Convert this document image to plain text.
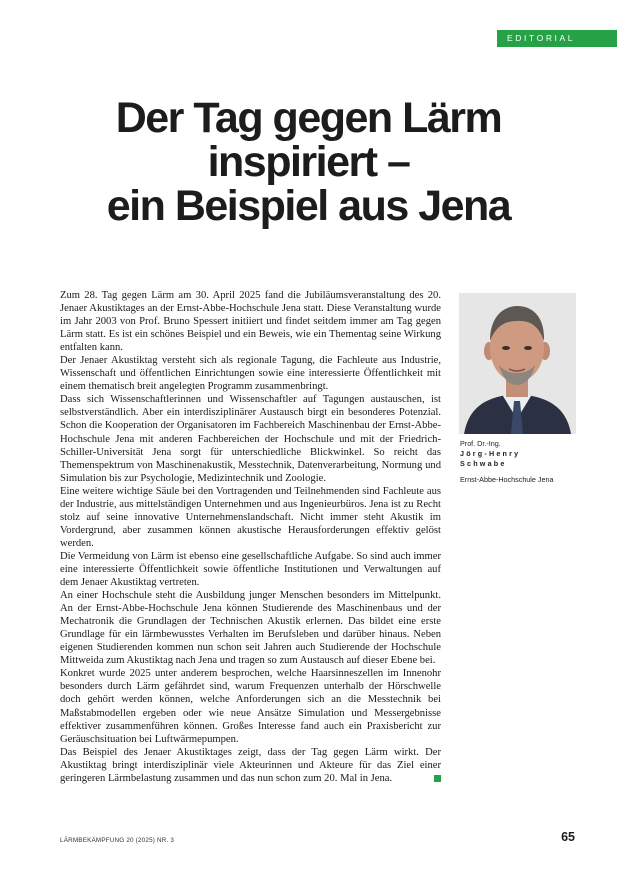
EDITORIAL
Der Tag gegen Lärm
inspiriert –
ein Beispiel aus Jena

Zum 28. Tag gegen Lärm am 30. April 2025 fand die Jubiläumsveranstaltung des 20. Jenaer Akustiktages an der Ernst-Abbe-Hochschule Jena statt. Diese Veranstaltung wurde im Jahr 2003 von Prof. Bruno Spessert initiiert und findet seitdem immer am Tag gegen Lärm statt. Es ist ein schönes Beispiel und ein Beweis, wie ein Thementag seine Wirkung entfalten kann.

Der Jenaer Akustiktag versteht sich als regionale Tagung, die Fachleute aus Industrie, Wissenschaft und öffentlichen Einrichtungen sowie eine interessierte Öffentlichkeit mit einem thematisch breit angelegten Programm zusammenbringt.

Dass sich Wissenschaftlerinnen und Wissenschaftler auf Tagungen austauschen, ist selbstverständlich. Aber ein interdisziplinärer Austausch birgt ein besonderes Potenzial. Schon die Kooperation der Organisatoren im Fachbereich Maschinenbau der Ernst-Abbe-Hochschule Jena mit anderen Fachbereichen der Hochschule und mit der Friedrich-Schiller-Universität Jena sorgt für unterschiedliche Blickwinkel. So reicht das Themenspektrum von Maschinenakustik, Messtechnik, Datenverarbeitung, Normung und Simulation bis zur Psychologie, Medizintechnik und Zoologie.

Eine weitere wichtige Säule bei den Vortragenden und Teilnehmenden sind Fachleute aus der Industrie, aus mittelständigen Unternehmen und aus Ingenieurbüros. Jena ist zu Recht stolz auf seine innovative Unternehmenslandschaft. Nicht immer steht Akustik im Vordergrund, aber zusammen können akustische Herausforderungen effektiv gelöst werden.

Die Vermeidung von Lärm ist ebenso eine gesellschaftliche Aufgabe. So sind auch immer eine interessierte Öffentlichkeit sowie öffentliche Institutionen und Verwaltungen auf dem Jenaer Akustiktag vertreten.

An einer Hochschule steht die Ausbildung junger Menschen besonders im Mittelpunkt. An der Ernst-Abbe-Hochschule Jena können Studierende des Maschinenbaus und der Mechatronik die Grundlagen der Technischen Akustik erlernen. Das bildet eine erste Grundlage für ein lärmbewusstes Verhalten im Berufsleben und darüber hinaus. Neben eigenen Studierenden kommen nun schon seit Jahren auch Studierende der Hochschule Mittweida zum Akustiktag nach Jena und tragen so zum Austausch auf dieser Ebene bei.

Konkret wurde 2025 unter anderem besprochen, welche Haarsinneszellen im Innenohr besonders durch Lärm gefährdet sind, warum Frequenzen unterhalb der Hörschwelle doch gehört werden können, welche Anforderungen sich an die Messtechnik bei Maßstabmodellen ergeben oder wie neue Ansätze Simulation und Messergebnisse effektiver zusammenführen können. Großes Interesse fand auch ein Praxisbericht zur Geräuschsituation bei Luftwärmepumpen.

Das Beispiel des Jenaer Akustiktages zeigt, dass der Tag gegen Lärm wirkt. Der Akustiktag bringt interdisziplinär viele Akteurinnen und Akteure für das Ziel einer geringeren Lärmbelastung zusammen und das nun schon zum 20. Mal in Jena.

Prof. Dr.-Ing.
Jörg-Henry
Schwabe
Ernst-Abbe-Hochschule Jena
LÄRMBEKÄMPFUNG 20 (2025) NR. 3	65
